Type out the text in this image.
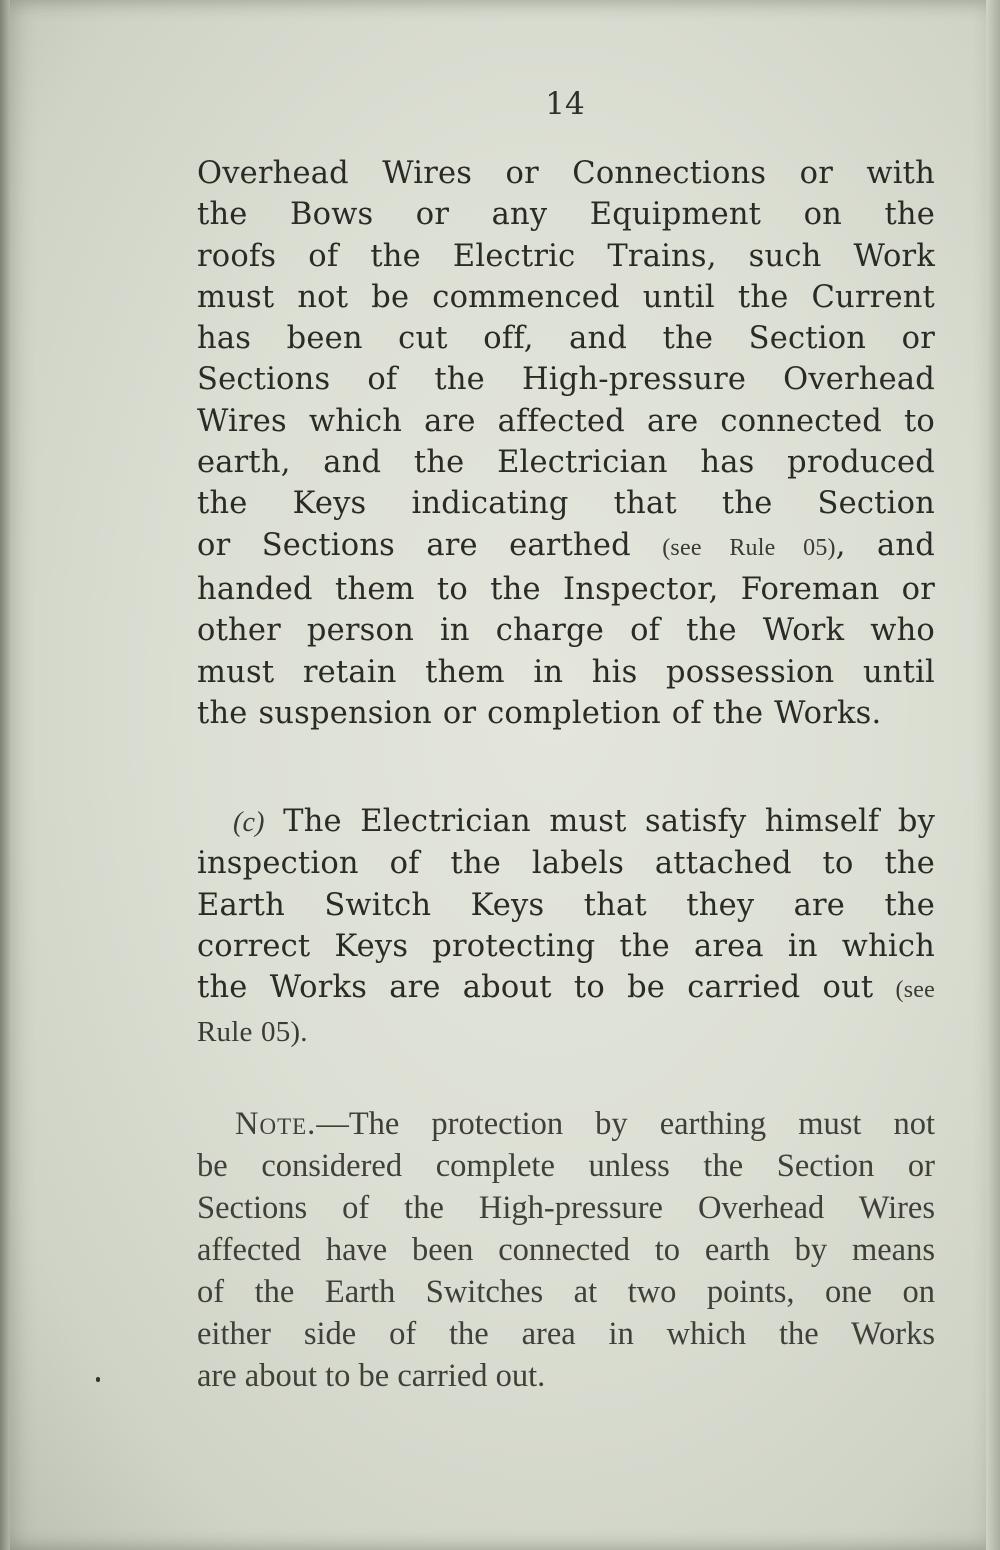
14
Overhead Wires or Connections or with
the Bows or any Equipment on the
roofs of the Electric Trains, such Work
must not be commenced until the Current
has been cut off, and the Section or
Sections of the High-pressure Overhead
Wires which are affected are connected to
earth, and the Electrician has produced
the Keys indicating that the Section
or Sections are earthed (see Rule 05), and
handed them to the Inspector, Foreman or
other person in charge of the Work who
must retain them in his possession until
the suspension or completion of the Works.
(c) The Electrician must satisfy himself by
inspection of the labels attached to the
Earth Switch Keys that they are the
correct Keys protecting the area in which
the Works are about to be carried out (see
Rule 05).
Note.—The protection by earthing must not
be considered complete unless the Section or
Sections of the High-pressure Overhead Wires
affected have been connected to earth by means
of the Earth Switches at two points, one on
either side of the area in which the Works
are about to be carried out.
